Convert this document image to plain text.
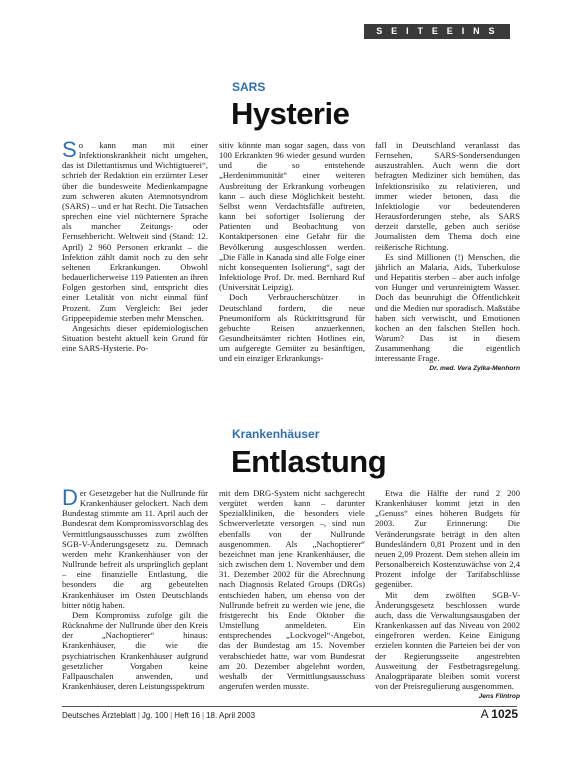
S E I T E E I N S
SARS
Hysterie

So kann man mit einer Infektionskrankheit nicht umgehen, das ist Dilettantismus und Wichtigtuerei“, schrieb der Redaktion ein erzürnter Leser über die bundesweite Medienkampagne zum schweren akuten Atemnotsyndrom (SARS) – und er hat Recht. Die Tatsachen sprechen eine viel nüchternere Sprache als mancher Zeitungs- oder Fernsehbericht. Weltweit sind (Stand: 12. April) 2 960 Personen erkrankt – die Infektion zählt damit noch zu den sehr seltenen Erkrankungen. Obwohl bedauerlicherweise 119 Patienten an ihren Folgen gestorben sind, entspricht dies einer Letalität von nicht einmal fünf Prozent. Zum Vergleich: Bei jeder Grippeepidemie sterben mehr Menschen.

Angesichts dieser epidemiologischen Situation besteht aktuell kein Grund für eine SARS-Hysterie. Po-

sitiv könnte man sogar sagen, dass von 100 Erkrankten 96 wieder gesund wurden und die so entstehende „Herdenimmunität“ einer weiteren Ausbreitung der Erkrankung vorbeugen kann – auch diese Möglichkeit besteht. Selbst wenn Verdachtsfälle auftreten, kann bei sofortiger Isolierung der Patienten und Beobachtung von Kontaktpersonen eine Gefahr für die Bevölkerung ausgeschlossen werden. „Die Fälle in Kanada sind alle Folge einer nicht konsequenten Isolierung“, sagt der Infektiologe Prof. Dr. med. Bernhard Ruf (Universität Leipzig).

Doch Verbraucherschützer in Deutschland fordern, die neue Pneumoniform als Rücktrittsgrund für gebuchte Reisen anzuerkennen, Gesundheitsämter richten Hotlines ein, um aufgeregte Gemüter zu besänftigen, und ein einziger Erkrankungs-

fall in Deutschland veranlasst das Fernsehen, SARS-Sondersendungen auszustrahlen. Auch wenn die dort befragten Mediziner sich bemühen, das Infektionsrisiko zu relativieren, und immer wieder betonen, dass die Infektiologie vor bedeutenderen Herausforderungen stehe, als SARS derzeit darstelle, geben auch seriöse Journalisten dem Thema doch eine reißerische Richtung.

Es sind Millionen (!) Menschen, die jährlich an Malaria, Aids, Tuberkulose und Hepatitis sterben – aber auch infolge von Hunger und verunreinigtem Wasser. Doch das beunruhigt die Öffentlichkeit und die Medien nur sporadisch. Maßstäbe haben sich verwischt, und Emotionen kochen an den falschen Stellen hoch. Warum? Das ist in diesem Zusammenhang die eigentlich interessante Frage.
Dr. med. Vera Zylka-Menhorn

Krankenhäuser
Entlastung

Der Gesetzgeber hat die Nullrunde für Krankenhäuser gelockert. Nach dem Bundestag stimmte am 11. April auch der Bundesrat dem Kompromissvorschlag des Vermittlungsausschusses zum zwölften SGB-V-Änderungsgesetz zu. Demnach werden mehr Krankenhäuser von der Nullrunde befreit als ursprünglich geplant – eine finanzielle Entlastung, die besonders die arg gebeutelten Krankenhäuser im Osten Deutschlands bitter nötig haben.

Dem Kompromiss zufolge gilt die Rücknahme der Nullrunde über den Kreis der „Nachoptierer“ hinaus: Krankenhäuser, die wie die psychiatrischen Krankenhäuser aufgrund gesetzlicher Vorgaben keine Fallpauschalen anwenden, und Krankenhäuser, deren Leistungsspektrum

mit dem DRG-System nicht sachgerecht vergütet werden kann – darunter Spezialkliniken, die besonders viele Schwerverletzte versorgen –, sind nun ebenfalls von der Nullrunde ausgenommen. Als „Nachoptierer“ bezeichnet man jene Krankenhäuser, die sich zwischen dem 1. November und dem 31. Dezember 2002 für die Abrechnung nach Diagnosis Related Groups (DRGs) entschieden haben, um ebenso von der Nullrunde befreit zu werden wie jene, die fristgerecht bis Ende Oktober die Umstellung anmeldeten. Ein entsprechendes „Lockvogel“-Angebot, das der Bundestag am 15. November verabschiedet hatte, war vom Bundesrat am 20. Dezember abgelehnt worden, weshalb der Vermittlungsausschuss angerufen werden musste.

Etwa die Hälfte der rund 2 200 Krankenhäuser kommt jetzt in den „Genuss“ eines höheren Budgets für 2003. Zur Erinnerung: Die Veränderungsrate beträgt in den alten Bundesländern 0,81 Prozent und in den neuen 2,09 Prozent. Dem stehen allein im Personalbereich Kostenzuwächse von 2,4 Prozent infolge der Tarifabschlüsse gegenüber.

Mit dem zwölften SGB-V-Änderungsgesetz beschlossen wurde auch, dass die Verwaltungsausgaben der Krankenkassen auf das Niveau von 2002 eingefroren werden. Keine Einigung erzielen konnten die Parteien bei der von der Regierungsseite angestrebten Ausweitung der Festbetragsregelung. Analogpräparate bleiben somit vorerst von der Preisregulierung ausgenommen.
Jens Flintrop

Deutsches Ärzteblatt | Jg. 100 | Heft 16 | 18. April 2003	A 1025
